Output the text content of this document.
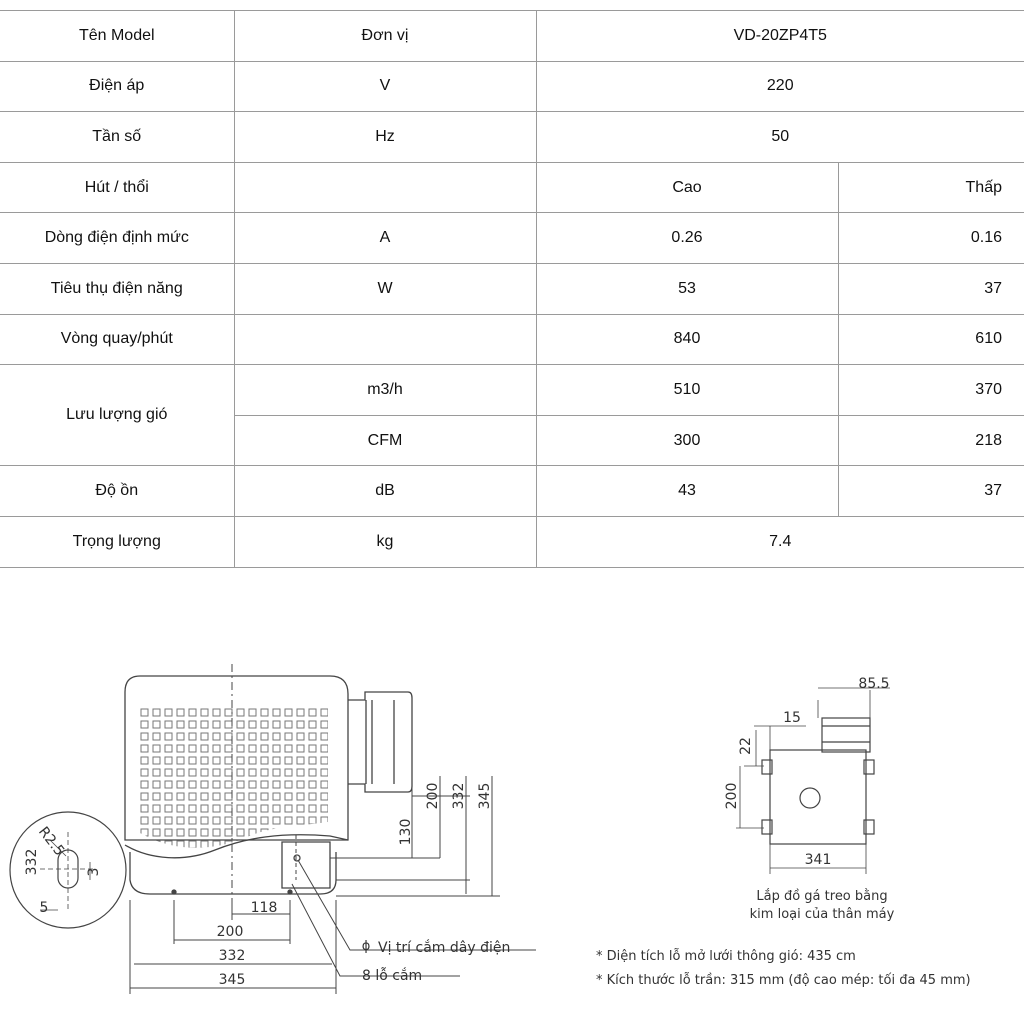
Tên Model	Đơn vị	VD-20ZP4T5	
Điện áp	V	220	
Tần số	Hz	50	
Hút / thổi		Cao	Thấp
Dòng điện định mức	A	0.26	0.16
Tiêu thụ điện năng	W	53	37
Vòng quay/phút		840	610
Lưu lượng gió	m3/h	510	370
	CFM	300	218
Độ ồn	dB	43	37
Trọng lượng	kg	7.4	
200
118
332
345
130
200 332 345
ϕ Vị trí cắm dây điện
8 lỗ cắm
R2.5
332	3
5
85.5
15
22
200
341
Lắp đồ gá treo bằng
kim loại của thân máy
* Diện tích lỗ mở lưới thông gió: 435 cm
* Kích thước lỗ trần: 315 mm (độ cao mép: tối đa 45 mm)
